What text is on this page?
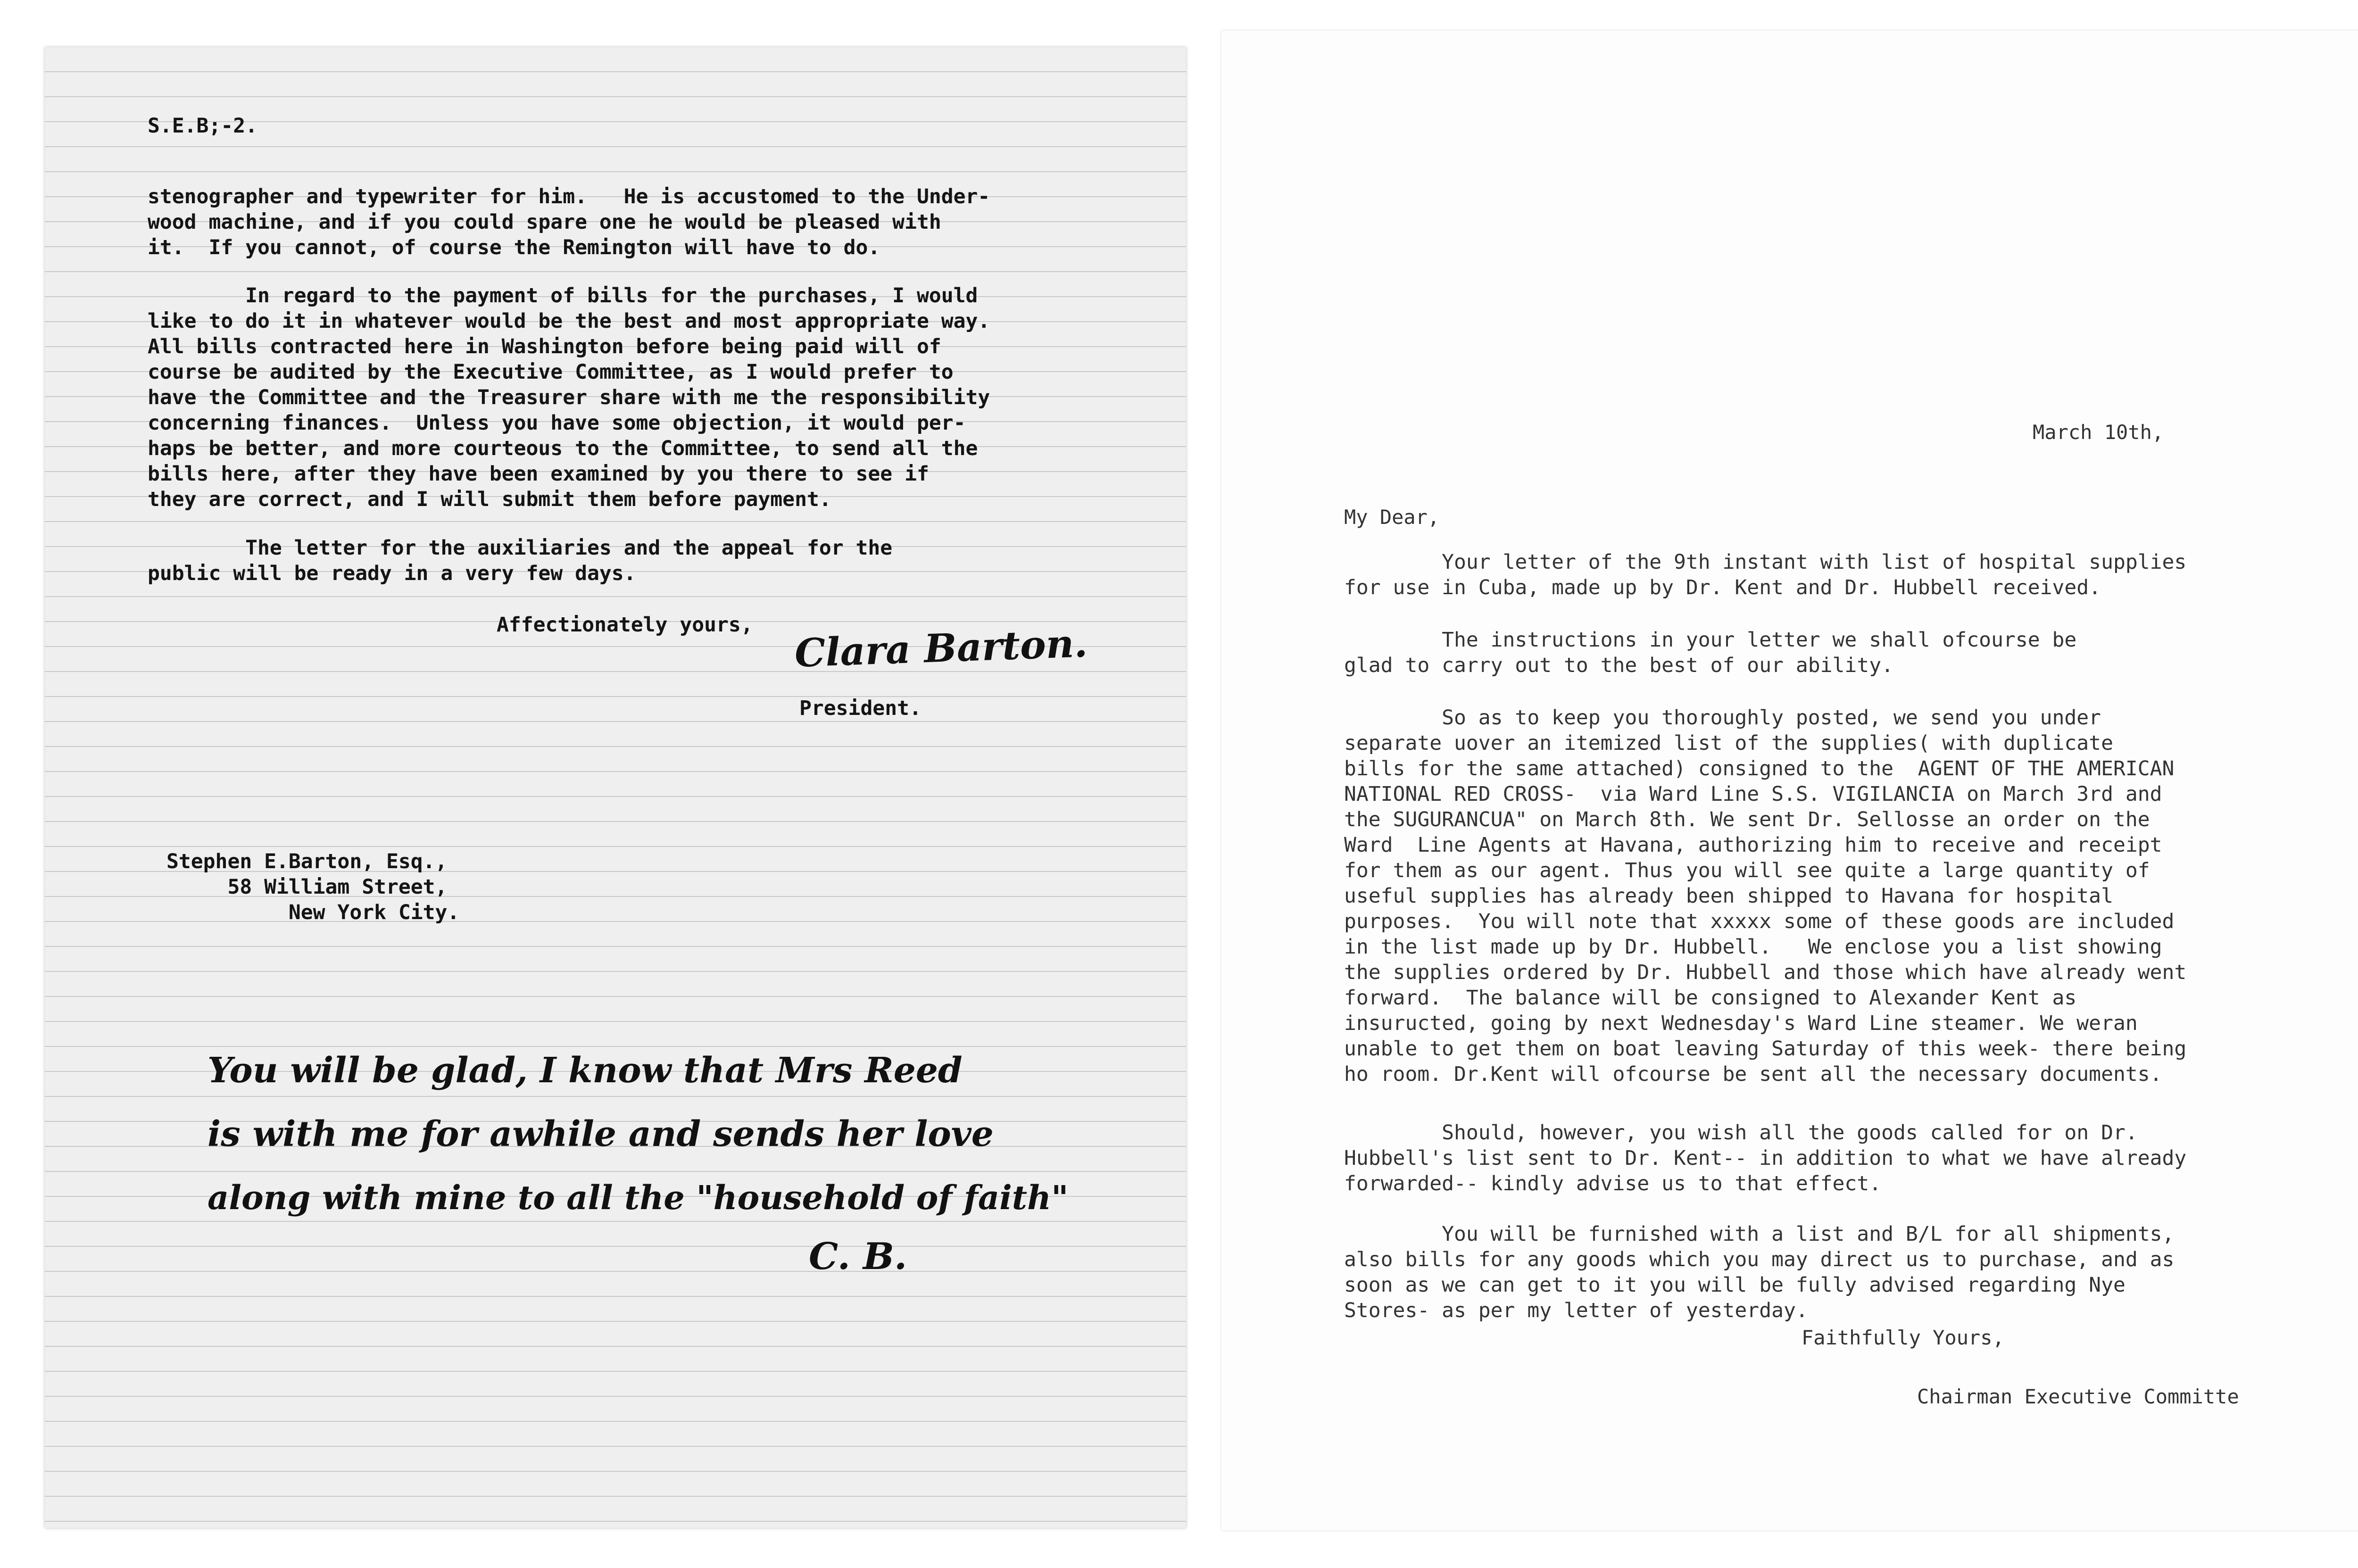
S.E.B;-2.
stenographer and typewriter for him.   He is accustomed to the Under-
wood machine, and if you could spare one he would be pleased with
it.  If you cannot, of course the Remington will have to do.
In regard to the payment of bills for the purchases, I would
like to do it in whatever would be the best and most appropriate way.
All bills contracted here in Washington before being paid will of
course be audited by the Executive Committee, as I would prefer to
have the Committee and the Treasurer share with me the responsibility
concerning finances.  Unless you have some objection, it would per-
haps be better, and more courteous to the Committee, to send all the
bills here, after they have been examined by you there to see if
they are correct, and I will submit them before payment.
The letter for the auxiliaries and the appeal for the
public will be ready in a very few days.
Affectionately yours, Clara Barton.
President.
Stephen E.Barton, Esq.,
58 William Street,
New York City.
You will be glad, I know that Mrs Reed
is with me for awhile and sends her love
along with mine to all the "household of faith"
C. B.
March 10th,
My Dear,
Your letter of the 9th instant with list of hospital supplies
for use in Cuba, made up by Dr. Kent and Dr. Hubbell received.
The instructions in your letter we shall ofcourse be
glad to carry out to the best of our ability.
So as to keep you thoroughly posted, we send you under
separate uover an itemized list of the supplies( with duplicate
bills for the same attached) consigned to the  AGENT OF THE AMERICAN
NATIONAL RED CROSS-  via Ward Line S.S. VIGILANCIA on March 3rd and
the SUGURANCUA" on March 8th. We sent Dr. Sellosse an order on the
Ward  Line Agents at Havana, authorizing him to receive and receipt
for them as our agent. Thus you will see quite a large quantity of
useful supplies has already been shipped to Havana for hospital
purposes.  You will note that xxxxx some of these goods are included
in the list made up by Dr. Hubbell.   We enclose you a list showing
the supplies ordered by Dr. Hubbell and those which have already went
forward.  The balance will be consigned to Alexander Kent as
insuructed, going by next Wednesday's Ward Line steamer. We weran
unable to get them on boat leaving Saturday of this week- there being
ho room. Dr.Kent will ofcourse be sent all the necessary documents.
Should, however, you wish all the goods called for on Dr.
Hubbell's list sent to Dr. Kent-- in addition to what we have already
forwarded-- kindly advise us to that effect.
You will be furnished with a list and B/L for all shipments,
also bills for any goods which you may direct us to purchase, and as
soon as we can get to it you will be fully advised regarding Nye
Stores- as per my letter of yesterday.
Faithfully Yours,
Chairman Executive Committe
